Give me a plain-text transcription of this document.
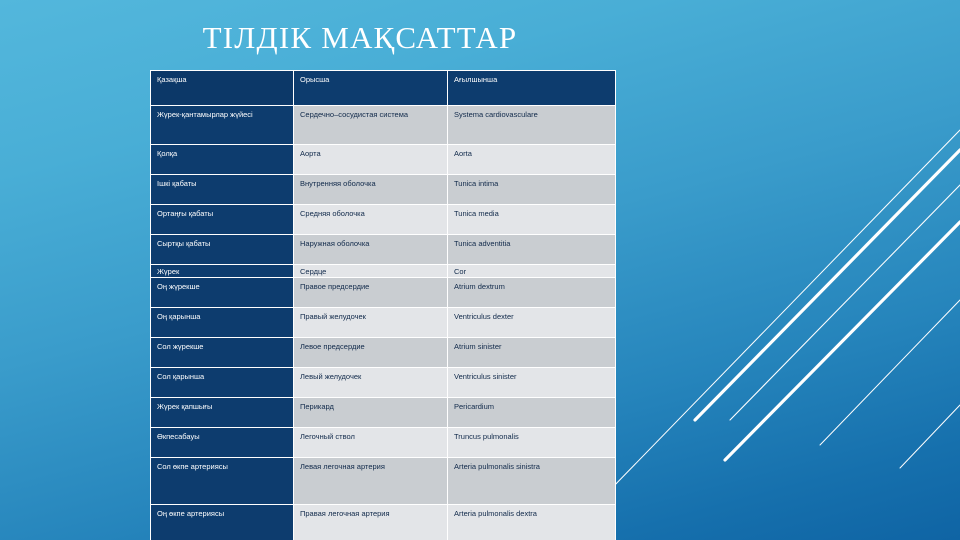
ТІЛДІК МАҚСАТТАР
Қазақша	Орысша	Ағылшынша
Жүрек-қантамырлар жүйесі	Сердечно–сосудистая система	Systema cardiovasculare
Қолқа	Аорта	Aorta
Ішкі қабаты	Внутренняя оболочка	Tunica intima
Ортаңғы қабаты	Средняя оболочка	Tunica media
Сыртқы қабаты	Наружная оболочка	Tunica adventitia
Жүрек	Сердце	Cor
Оң жүрекше	Правое предсердие	Atrium dextrum
Оң қарынша	Правый желудочек	Ventriculus dexter
Сол жүрекше	Левое предсердие	Atrium sinister
Сол қарынша	Левый желудочек	Ventriculus sinister
Жүрек қапшығы	Перикард	Pericardium
Өкпесабауы	Легочный ствол	Truncus pulmonalis
Сол өкпе артериясы	Левая легочная артерия	Arteria pulmonalis sinistra
Оң өкпе артериясы	Правая легочная артерия	Arteria pulmonalis dextra
